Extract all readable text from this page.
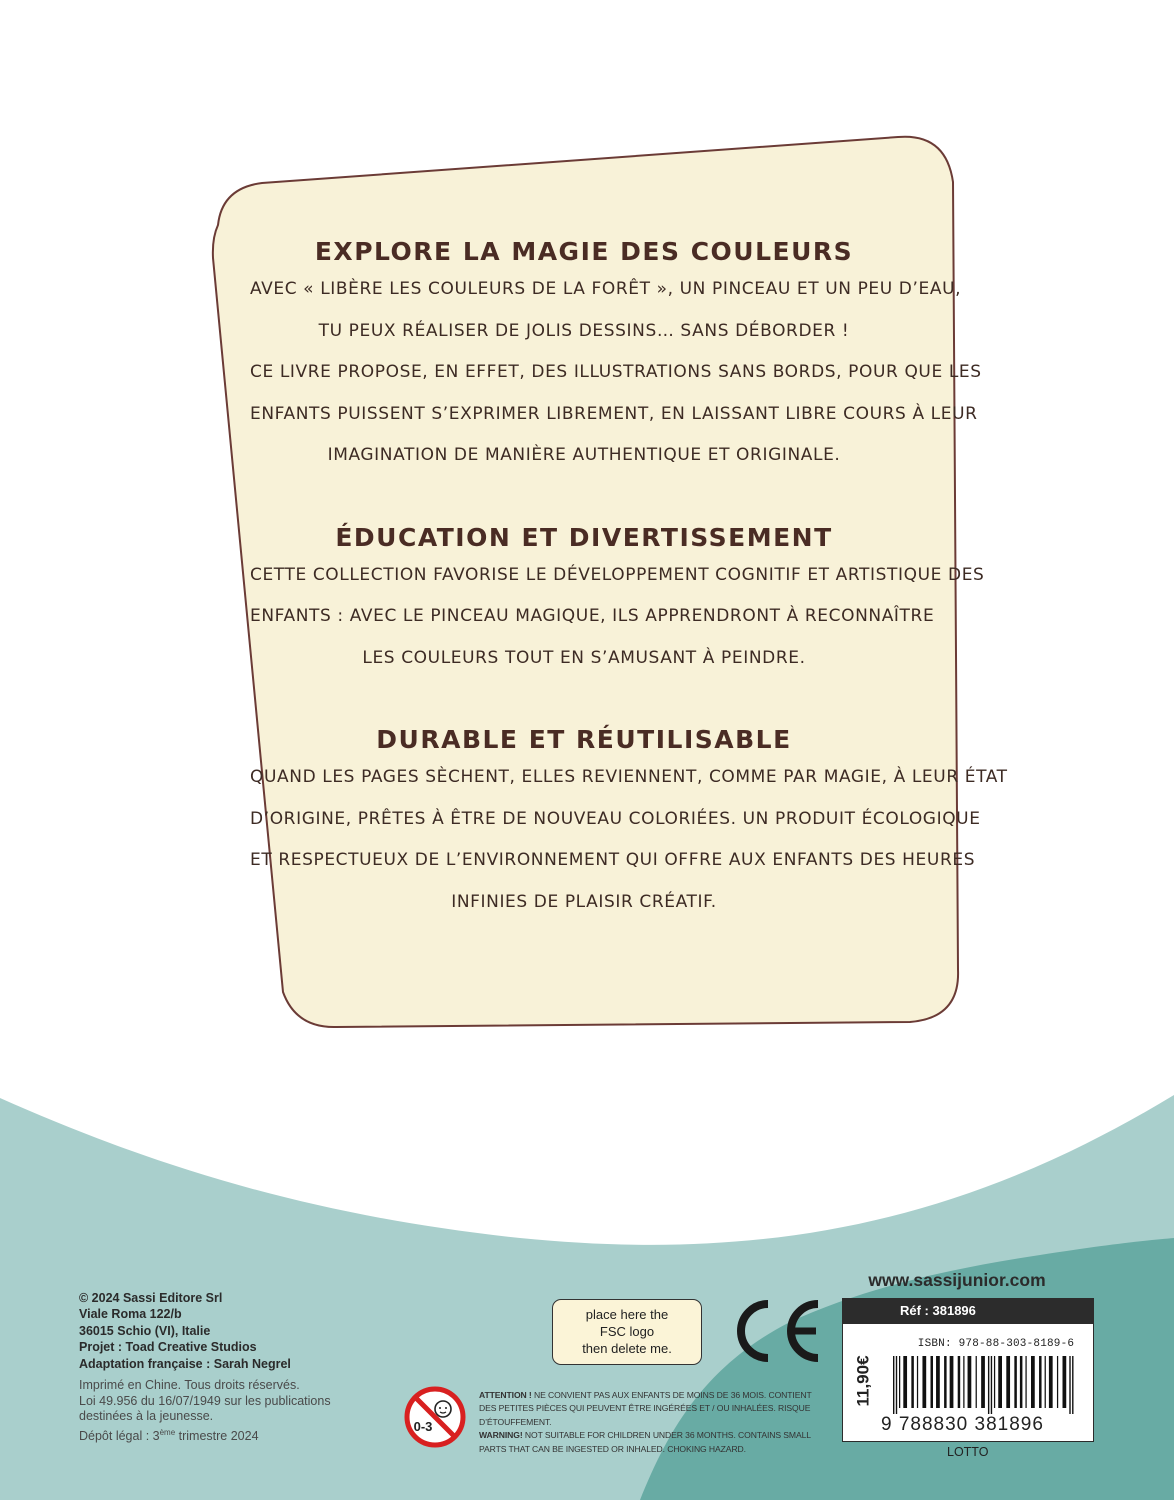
EXPLORE LA MAGIE DES COULEURS
AVEC « LIBÈRE LES COULEURS DE LA FORÊT », UN PINCEAU ET UN PEU D’EAU,
TU PEUX RÉALISER DE JOLIS DESSINS… SANS DÉBORDER !
CE LIVRE PROPOSE, EN EFFET, DES ILLUSTRATIONS SANS BORDS, POUR QUE LES
ENFANTS PUISSENT S’EXPRIMER LIBREMENT, EN LAISSANT LIBRE COURS À LEUR
IMAGINATION DE MANIÈRE AUTHENTIQUE ET ORIGINALE.
ÉDUCATION ET DIVERTISSEMENT
CETTE COLLECTION FAVORISE LE DÉVELOPPEMENT COGNITIF ET ARTISTIQUE DES
ENFANTS : AVEC LE PINCEAU MAGIQUE, ILS APPRENDRONT À RECONNAÎTRE
LES COULEURS TOUT EN S’AMUSANT À PEINDRE.
DURABLE ET RÉUTILISABLE
QUAND LES PAGES SÈCHENT, ELLES REVIENNENT, COMME PAR MAGIE, À LEUR ÉTAT
D’ORIGINE, PRÊTES À ÊTRE DE NOUVEAU COLORIÉES. UN PRODUIT ÉCOLOGIQUE
ET RESPECTUEUX DE L’ENVIRONNEMENT QUI OFFRE AUX ENFANTS DES HEURES
INFINIES DE PLAISIR CRÉATIF.
© 2024 Sassi Editore Srl
Viale Roma 122/b
36015 Schio (VI), Italie
Projet : Toad Creative Studios
Adaptation française : Sarah Negrel
Imprimé en Chine. Tous droits réservés.
Loi 49.956 du 16/07/1949 sur les publications
destinées à la jeunesse.
Dépôt légal : 3ème trimestre 2024
place here the
FSC logo
then delete me.
0-3
ATTENTION ! NE CONVIENT PAS AUX ENFANTS DE MOINS DE 36 MOIS. CONTIENT DES PETITES PIÈCES QUI PEUVENT ÊTRE INGÉRÉES ET / OU INHALÉES. RISQUE D’ÉTOUFFEMENT.
WARNING! NOT SUITABLE FOR CHILDREN UNDER 36 MONTHS. CONTAINS SMALL PARTS THAT CAN BE INGESTED OR INHALED. CHOKING HAZARD.
www.sassijunior.com
Réf : 381896
11,90€
ISBN: 978-88-303-8189-6
9 788830 381896
LOTTO
